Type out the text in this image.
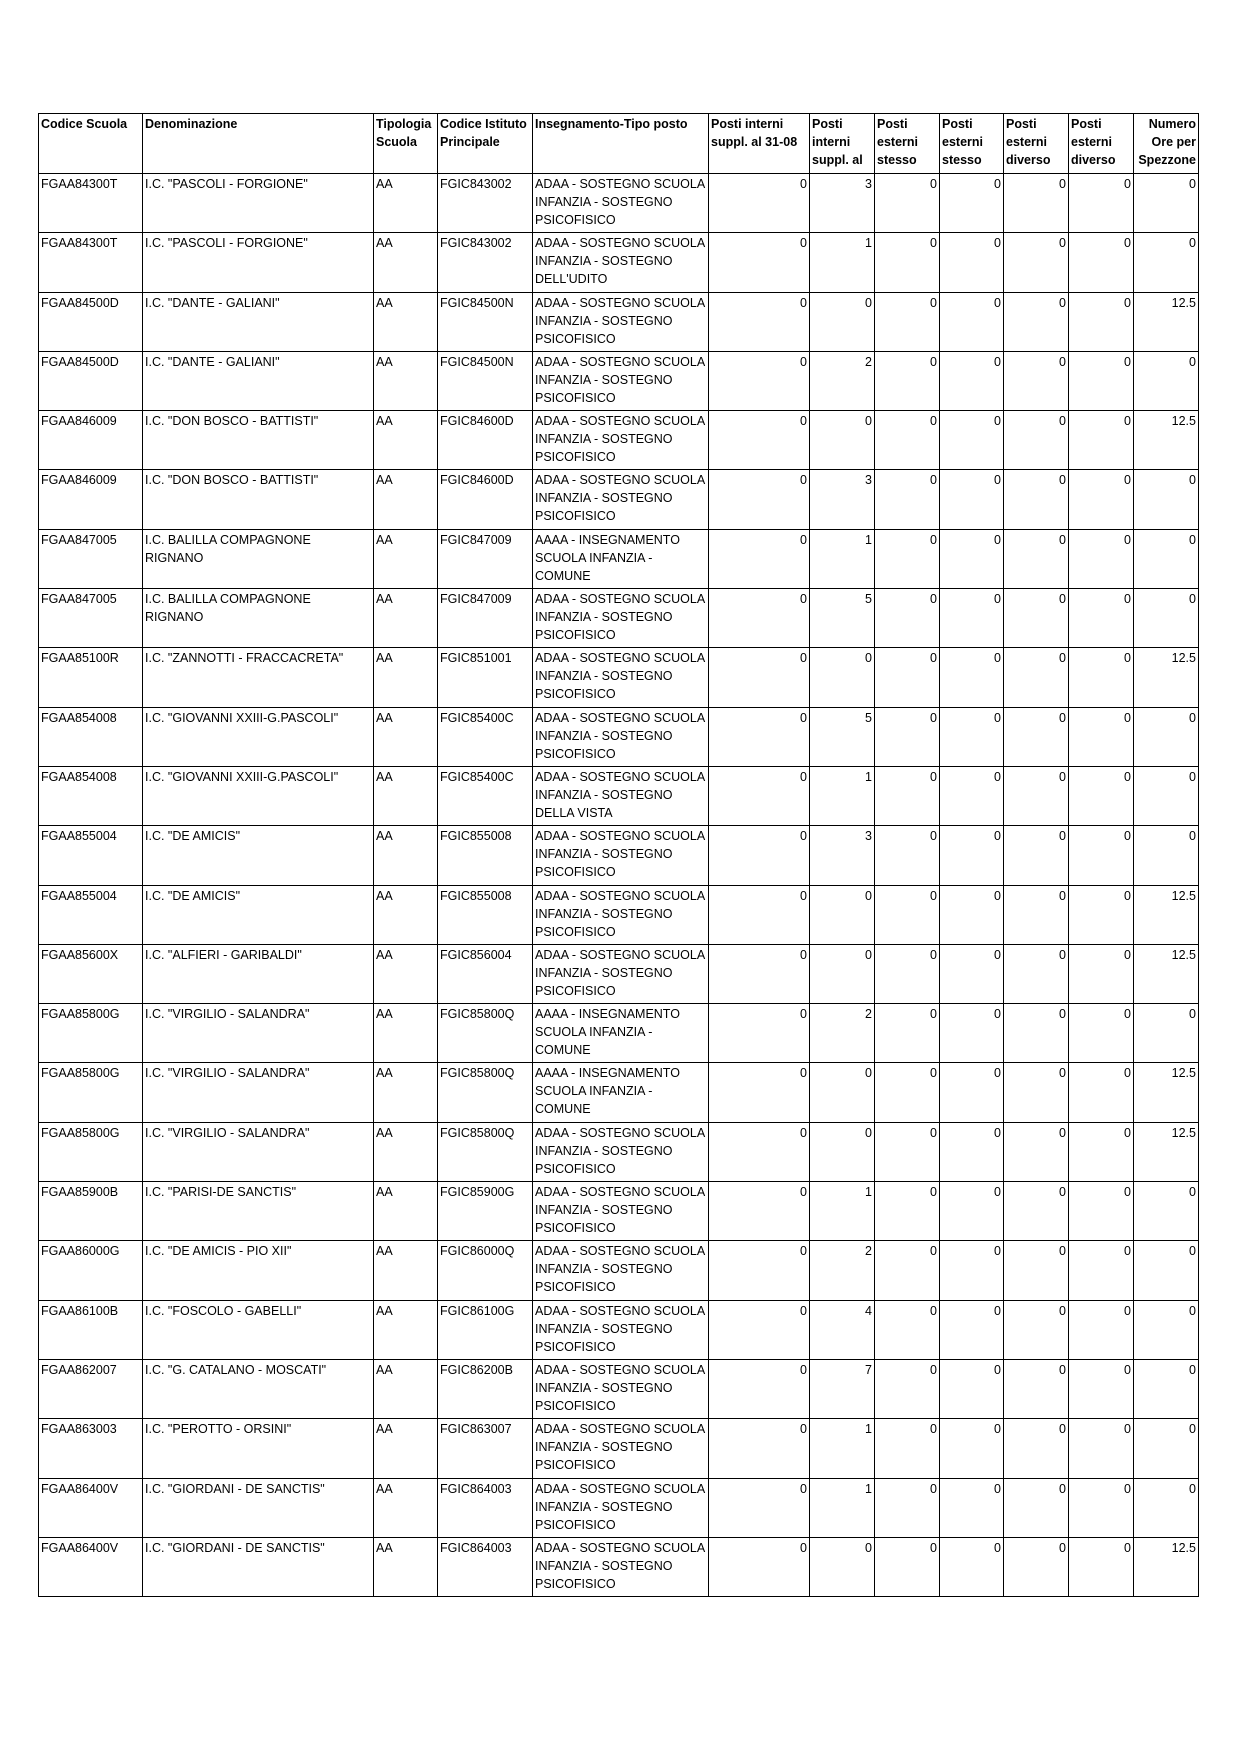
Codice Scuola	Denominazione	Tipologia Scuola	Codice Istituto Principale	Insegnamento-Tipo posto	Posti interni suppl. al 31-08	Posti interni suppl. al	Posti esterni stesso	Posti esterni stesso	Posti esterni diverso	Posti esterni diverso	Numero Ore per Spezzone
FGAA84300T	I.C. "PASCOLI - FORGIONE"	AA	FGIC843002	ADAA - SOSTEGNO SCUOLA INFANZIA - SOSTEGNO PSICOFISICO	0	3	0	0	0	0	0
FGAA84300T	I.C. "PASCOLI - FORGIONE"	AA	FGIC843002	ADAA - SOSTEGNO SCUOLA INFANZIA - SOSTEGNO DELL'UDITO	0	1	0	0	0	0	0
FGAA84500D	I.C. "DANTE - GALIANI"	AA	FGIC84500N	ADAA - SOSTEGNO SCUOLA INFANZIA - SOSTEGNO PSICOFISICO	0	0	0	0	0	0	12.5
FGAA84500D	I.C. "DANTE - GALIANI"	AA	FGIC84500N	ADAA - SOSTEGNO SCUOLA INFANZIA - SOSTEGNO PSICOFISICO	0	2	0	0	0	0	0
FGAA846009	I.C. "DON BOSCO - BATTISTI"	AA	FGIC84600D	ADAA - SOSTEGNO SCUOLA INFANZIA - SOSTEGNO PSICOFISICO	0	0	0	0	0	0	12.5
FGAA846009	I.C. "DON BOSCO - BATTISTI"	AA	FGIC84600D	ADAA - SOSTEGNO SCUOLA INFANZIA - SOSTEGNO PSICOFISICO	0	3	0	0	0	0	0
FGAA847005	I.C. BALILLA COMPAGNONE RIGNANO	AA	FGIC847009	AAAA - INSEGNAMENTO SCUOLA INFANZIA - COMUNE	0	1	0	0	0	0	0
FGAA847005	I.C. BALILLA COMPAGNONE RIGNANO	AA	FGIC847009	ADAA - SOSTEGNO SCUOLA INFANZIA - SOSTEGNO PSICOFISICO	0	5	0	0	0	0	0
FGAA85100R	I.C. "ZANNOTTI - FRACCACRETA"	AA	FGIC851001	ADAA - SOSTEGNO SCUOLA INFANZIA - SOSTEGNO PSICOFISICO	0	0	0	0	0	0	12.5
FGAA854008	I.C. "GIOVANNI XXIII-G.PASCOLI"	AA	FGIC85400C	ADAA - SOSTEGNO SCUOLA INFANZIA - SOSTEGNO PSICOFISICO	0	5	0	0	0	0	0
FGAA854008	I.C. "GIOVANNI XXIII-G.PASCOLI"	AA	FGIC85400C	ADAA - SOSTEGNO SCUOLA INFANZIA - SOSTEGNO DELLA VISTA	0	1	0	0	0	0	0
FGAA855004	I.C. "DE AMICIS"	AA	FGIC855008	ADAA - SOSTEGNO SCUOLA INFANZIA - SOSTEGNO PSICOFISICO	0	3	0	0	0	0	0
FGAA855004	I.C. "DE AMICIS"	AA	FGIC855008	ADAA - SOSTEGNO SCUOLA INFANZIA - SOSTEGNO PSICOFISICO	0	0	0	0	0	0	12.5
FGAA85600X	I.C. "ALFIERI - GARIBALDI"	AA	FGIC856004	ADAA - SOSTEGNO SCUOLA INFANZIA - SOSTEGNO PSICOFISICO	0	0	0	0	0	0	12.5
FGAA85800G	I.C. "VIRGILIO - SALANDRA"	AA	FGIC85800Q	AAAA - INSEGNAMENTO SCUOLA INFANZIA - COMUNE	0	2	0	0	0	0	0
FGAA85800G	I.C. "VIRGILIO - SALANDRA"	AA	FGIC85800Q	AAAA - INSEGNAMENTO SCUOLA INFANZIA - COMUNE	0	0	0	0	0	0	12.5
FGAA85800G	I.C. "VIRGILIO - SALANDRA"	AA	FGIC85800Q	ADAA - SOSTEGNO SCUOLA INFANZIA - SOSTEGNO PSICOFISICO	0	0	0	0	0	0	12.5
FGAA85900B	I.C. "PARISI-DE SANCTIS"	AA	FGIC85900G	ADAA - SOSTEGNO SCUOLA INFANZIA - SOSTEGNO PSICOFISICO	0	1	0	0	0	0	0
FGAA86000G	I.C. "DE AMICIS - PIO XII"	AA	FGIC86000Q	ADAA - SOSTEGNO SCUOLA INFANZIA - SOSTEGNO PSICOFISICO	0	2	0	0	0	0	0
FGAA86100B	I.C. "FOSCOLO - GABELLI"	AA	FGIC86100G	ADAA - SOSTEGNO SCUOLA INFANZIA - SOSTEGNO PSICOFISICO	0	4	0	0	0	0	0
FGAA862007	I.C. "G. CATALANO - MOSCATI"	AA	FGIC86200B	ADAA - SOSTEGNO SCUOLA INFANZIA - SOSTEGNO PSICOFISICO	0	7	0	0	0	0	0
FGAA863003	I.C. "PEROTTO - ORSINI"	AA	FGIC863007	ADAA - SOSTEGNO SCUOLA INFANZIA - SOSTEGNO PSICOFISICO	0	1	0	0	0	0	0
FGAA86400V	I.C. "GIORDANI - DE SANCTIS"	AA	FGIC864003	ADAA - SOSTEGNO SCUOLA INFANZIA - SOSTEGNO PSICOFISICO	0	1	0	0	0	0	0
FGAA86400V	I.C. "GIORDANI - DE SANCTIS"	AA	FGIC864003	ADAA - SOSTEGNO SCUOLA INFANZIA - SOSTEGNO PSICOFISICO	0	0	0	0	0	0	12.5
